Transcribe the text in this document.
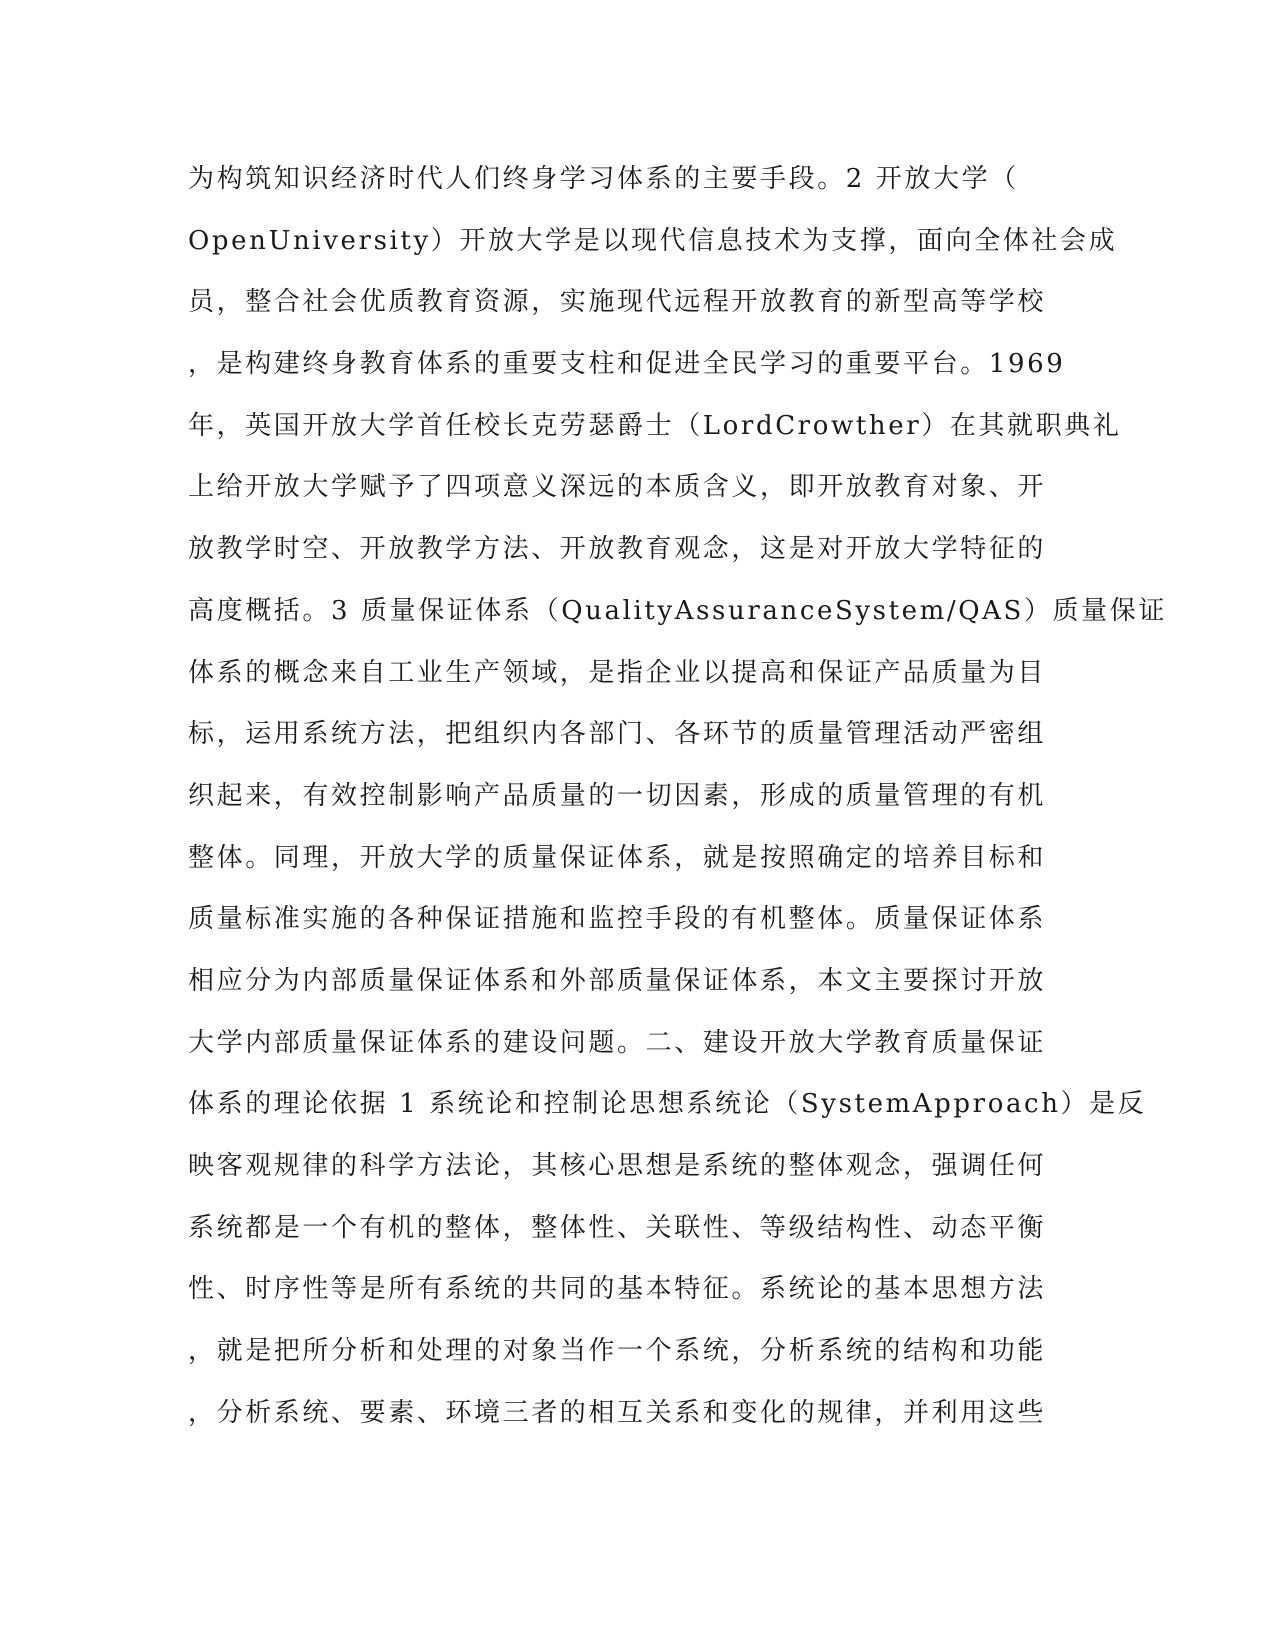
为构筑知识经济时代人们终身学习体系的主要手段。2 开放大学（
OpenUniversity）开放大学是以现代信息技术为支撑，面向全体社会成
员，整合社会优质教育资源，实施现代远程开放教育的新型高等学校
，是构建终身教育体系的重要支柱和促进全民学习的重要平台。1969
年，英国开放大学首任校长克劳瑟爵士（LordCrowther）在其就职典礼
上给开放大学赋予了四项意义深远的本质含义，即开放教育对象、开
放教学时空、开放教学方法、开放教育观念，这是对开放大学特征的
高度概括。3 质量保证体系（QualityAssuranceSystem/QAS）质量保证
体系的概念来自工业生产领域，是指企业以提高和保证产品质量为目
标，运用系统方法，把组织内各部门、各环节的质量管理活动严密组
织起来，有效控制影响产品质量的一切因素，形成的质量管理的有机
整体。同理，开放大学的质量保证体系，就是按照确定的培养目标和
质量标准实施的各种保证措施和监控手段的有机整体。质量保证体系
相应分为内部质量保证体系和外部质量保证体系，本文主要探讨开放
大学内部质量保证体系的建设问题。二、建设开放大学教育质量保证
体系的理论依据 1 系统论和控制论思想系统论（SystemApproach）是反
映客观规律的科学方法论，其核心思想是系统的整体观念，强调任何
系统都是一个有机的整体，整体性、关联性、等级结构性、动态平衡
性、时序性等是所有系统的共同的基本特征。系统论的基本思想方法
，就是把所分析和处理的对象当作一个系统，分析系统的结构和功能
，分析系统、要素、环境三者的相互关系和变化的规律，并利用这些
